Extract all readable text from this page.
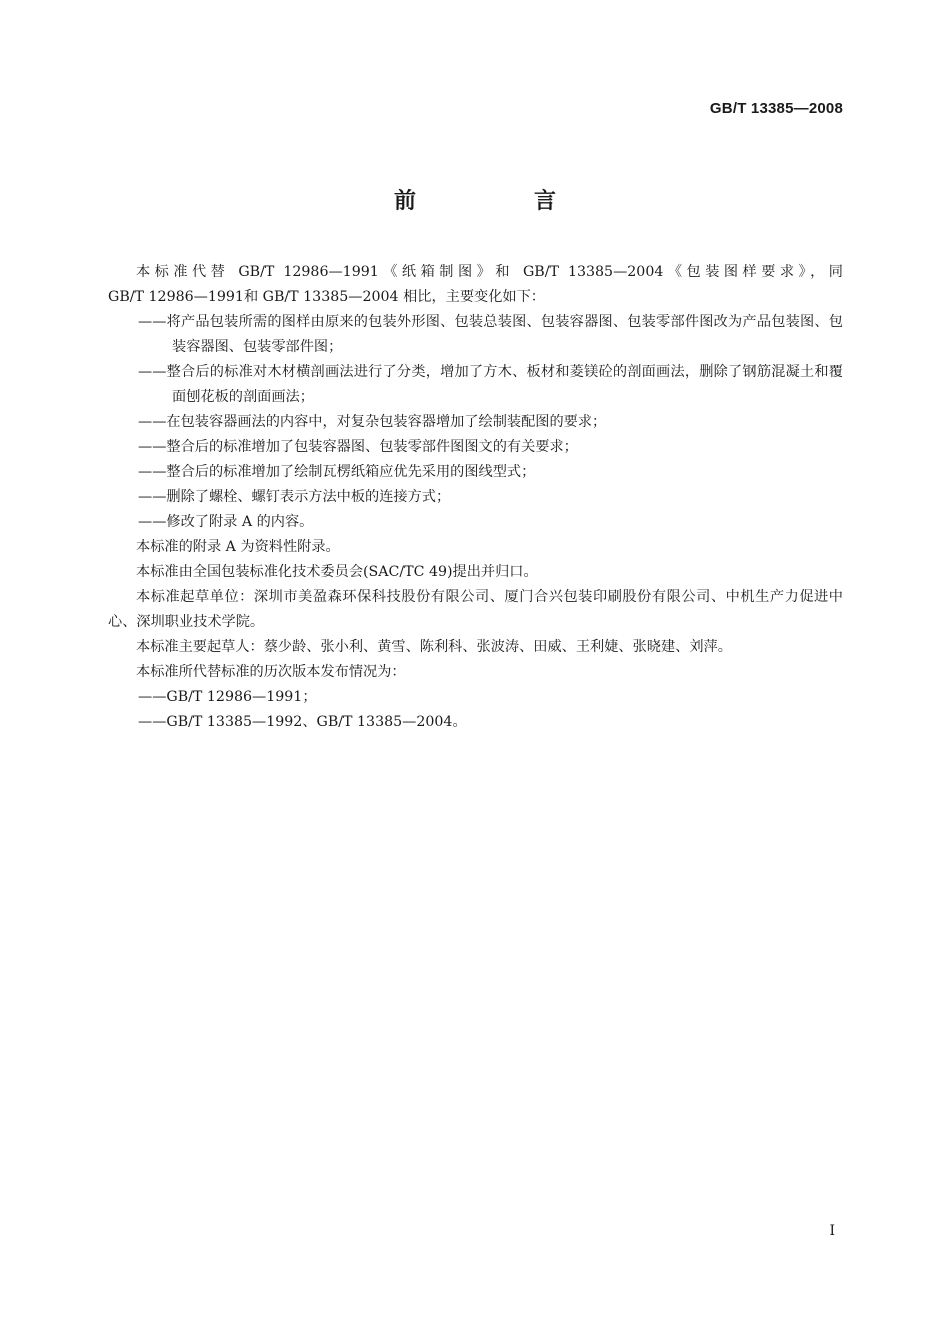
GB/T 13385—2008
前　言

本标准代替 GB/T 12986—1991《纸箱制图》和 GB/T 13385—2004《包装图样要求》，同

GB/T 12986—1991和 GB/T 13385—2004 相比，主要变化如下：

——将产品包装所需的图样由原来的包装外形图、包装总装图、包装容器图、包装零部件图改为产品包装图、包装容器图、包装零部件图；

——整合后的标准对木材横剖画法进行了分类，增加了方木、板材和菱镁砼的剖面画法，删除了钢筋混凝土和覆面刨花板的剖面画法；

——在包装容器画法的内容中，对复杂包装容器增加了绘制装配图的要求；

——整合后的标准增加了包装容器图、包装零部件图图文的有关要求；

——整合后的标准增加了绘制瓦楞纸箱应优先采用的图线型式；

——删除了螺栓、螺钉表示方法中板的连接方式；

——修改了附录 A 的内容。

本标准的附录 A 为资料性附录。

本标准由全国包装标准化技术委员会(SAC/TC 49)提出并归口。

本标准起草单位：深圳市美盈森环保科技股份有限公司、厦门合兴包装印刷股份有限公司、中机生产力促进中心、深圳职业技术学院。

本标准主要起草人：蔡少龄、张小利、黄雪、陈利科、张波涛、田威、王利婕、张晓建、刘萍。

本标准所代替标准的历次版本发布情况为：

——GB/T 12986—1991；

——GB/T 13385—1992、GB/T 13385—2004。

I
